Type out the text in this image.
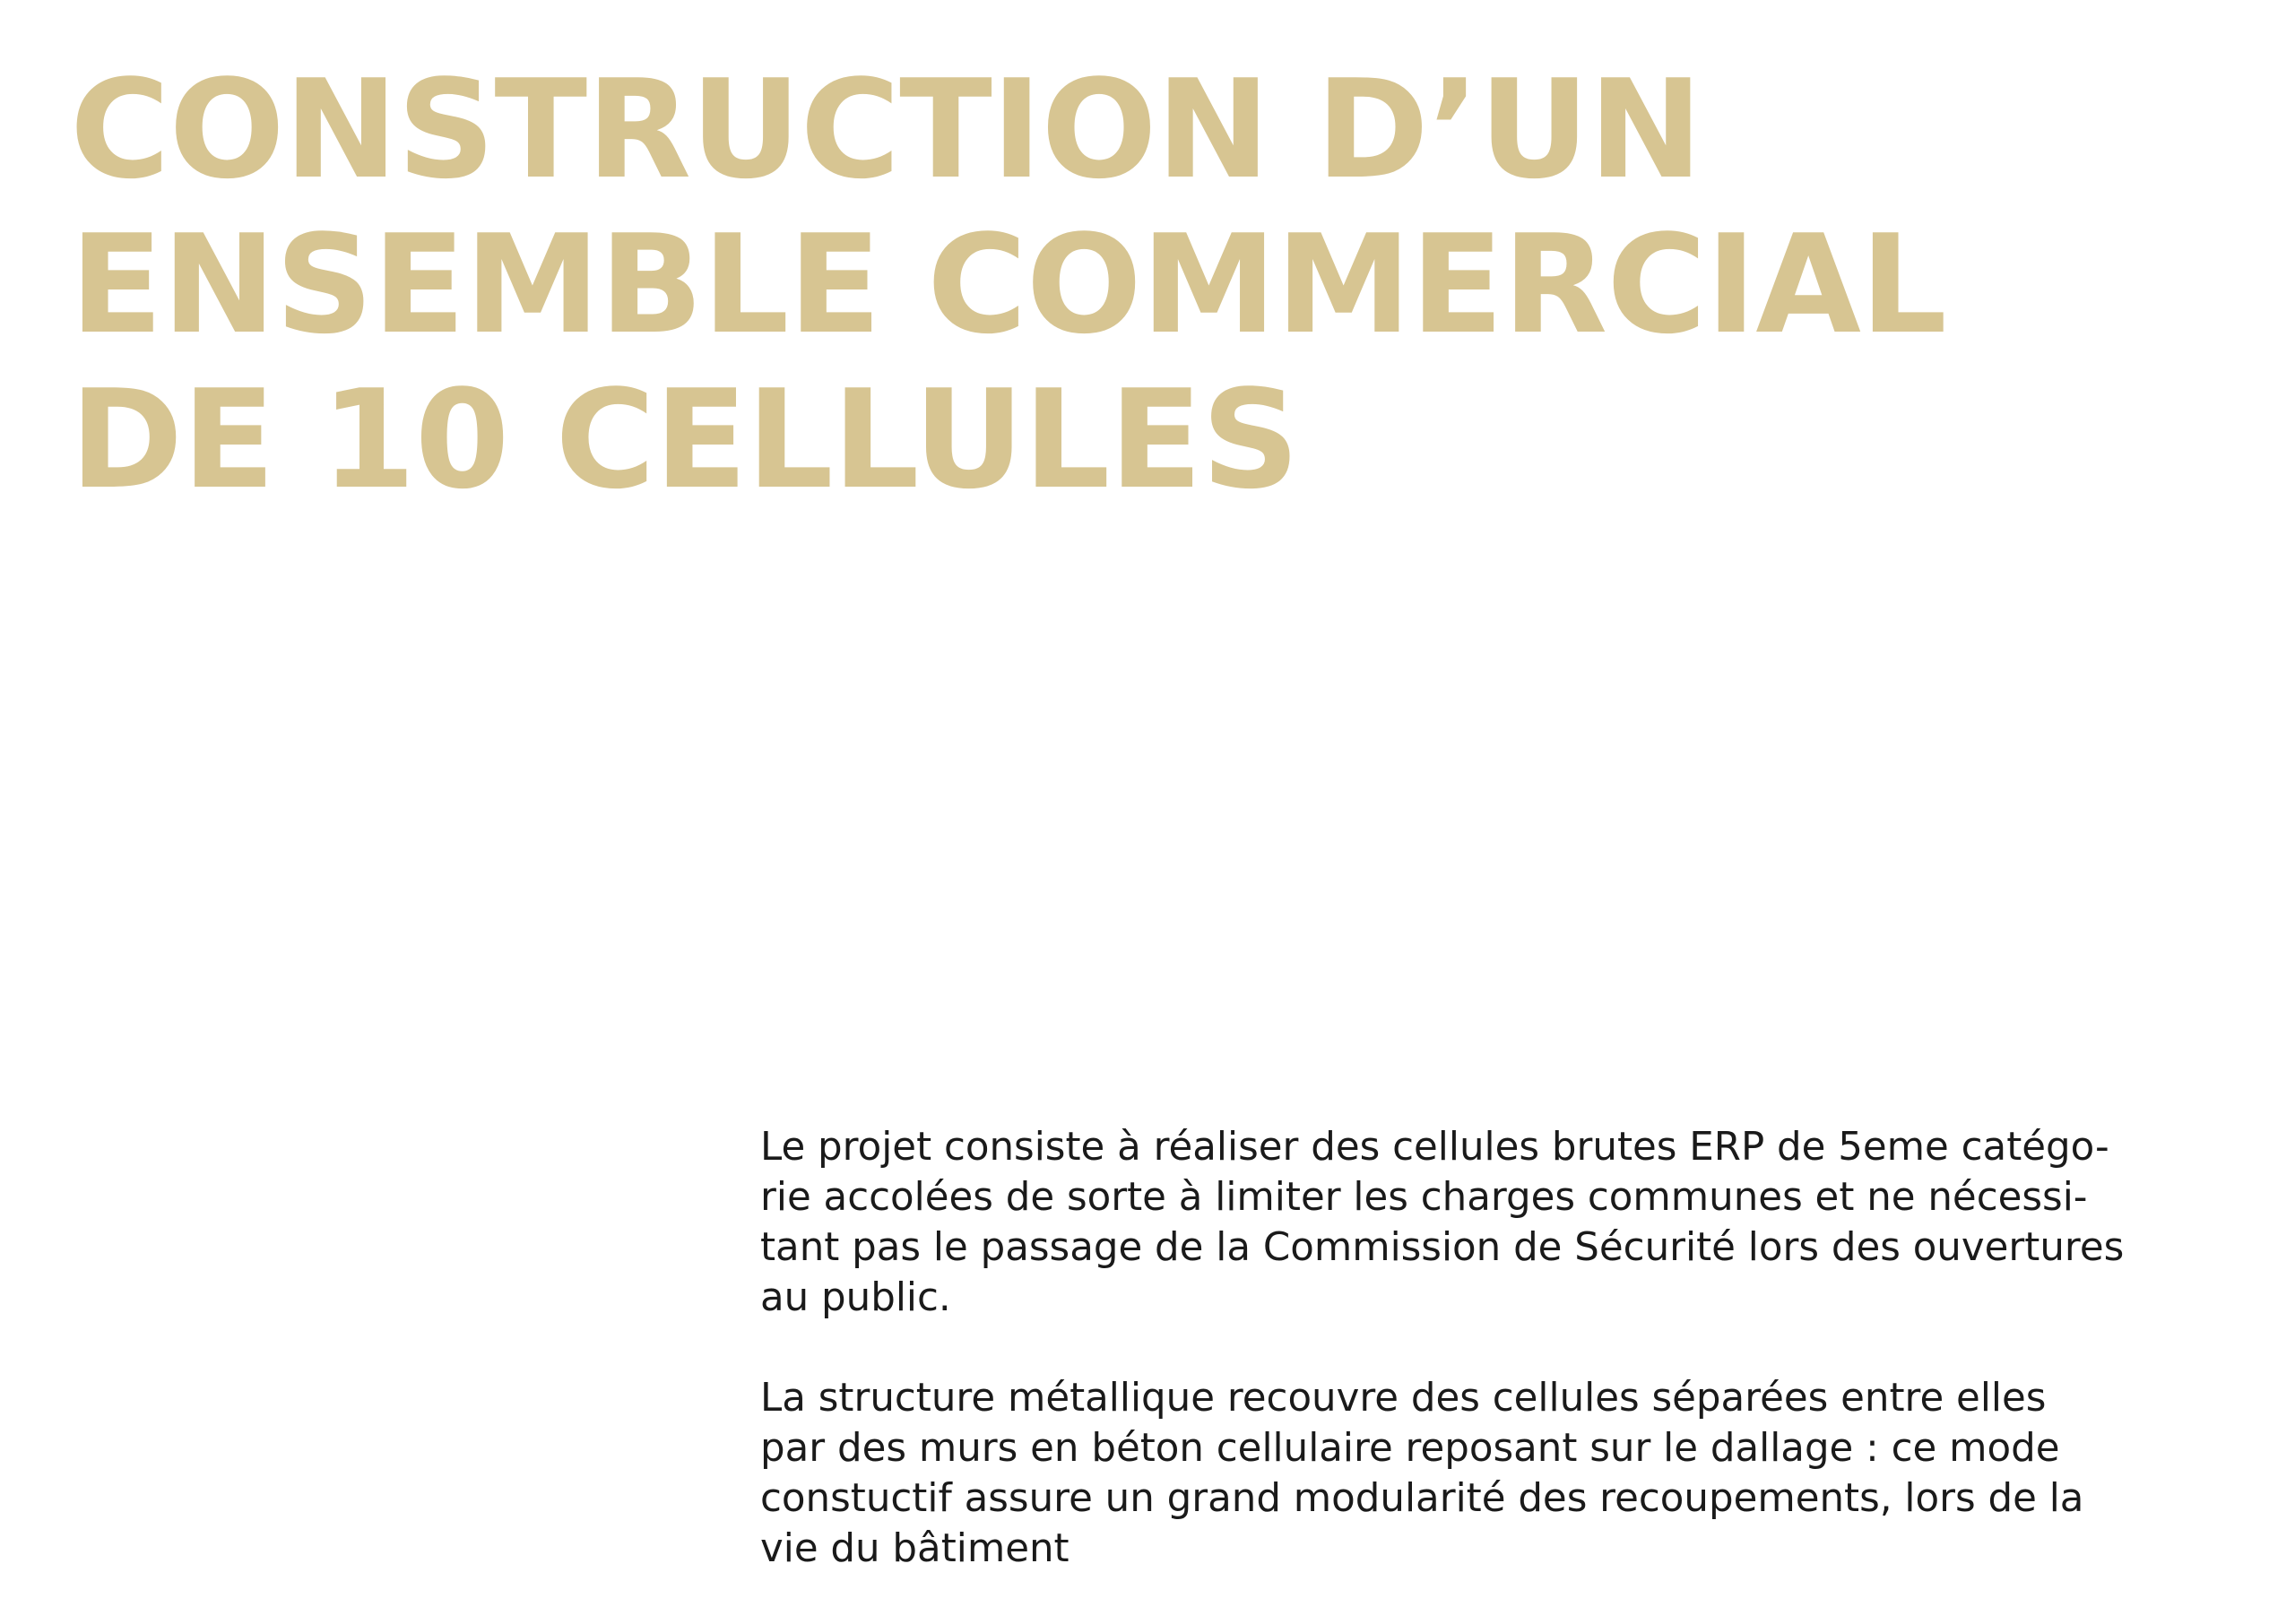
CONSTRUCTION D’UN
ENSEMBLE COMMERCIAL
DE 10 CELLULES

Le projet consiste à réaliser des cellules brutes ERP de 5eme catégo-
rie accolées de sorte à limiter les charges communes et ne nécessi-
tant pas le passage de la Commission de Sécurité lors des ouvertures
au public.

La structure métallique recouvre des cellules séparées entre elles
par des murs en béton cellulaire reposant sur le dallage : ce mode
constuctif assure un grand modularité des recoupements, lors de la
vie du bâtiment
